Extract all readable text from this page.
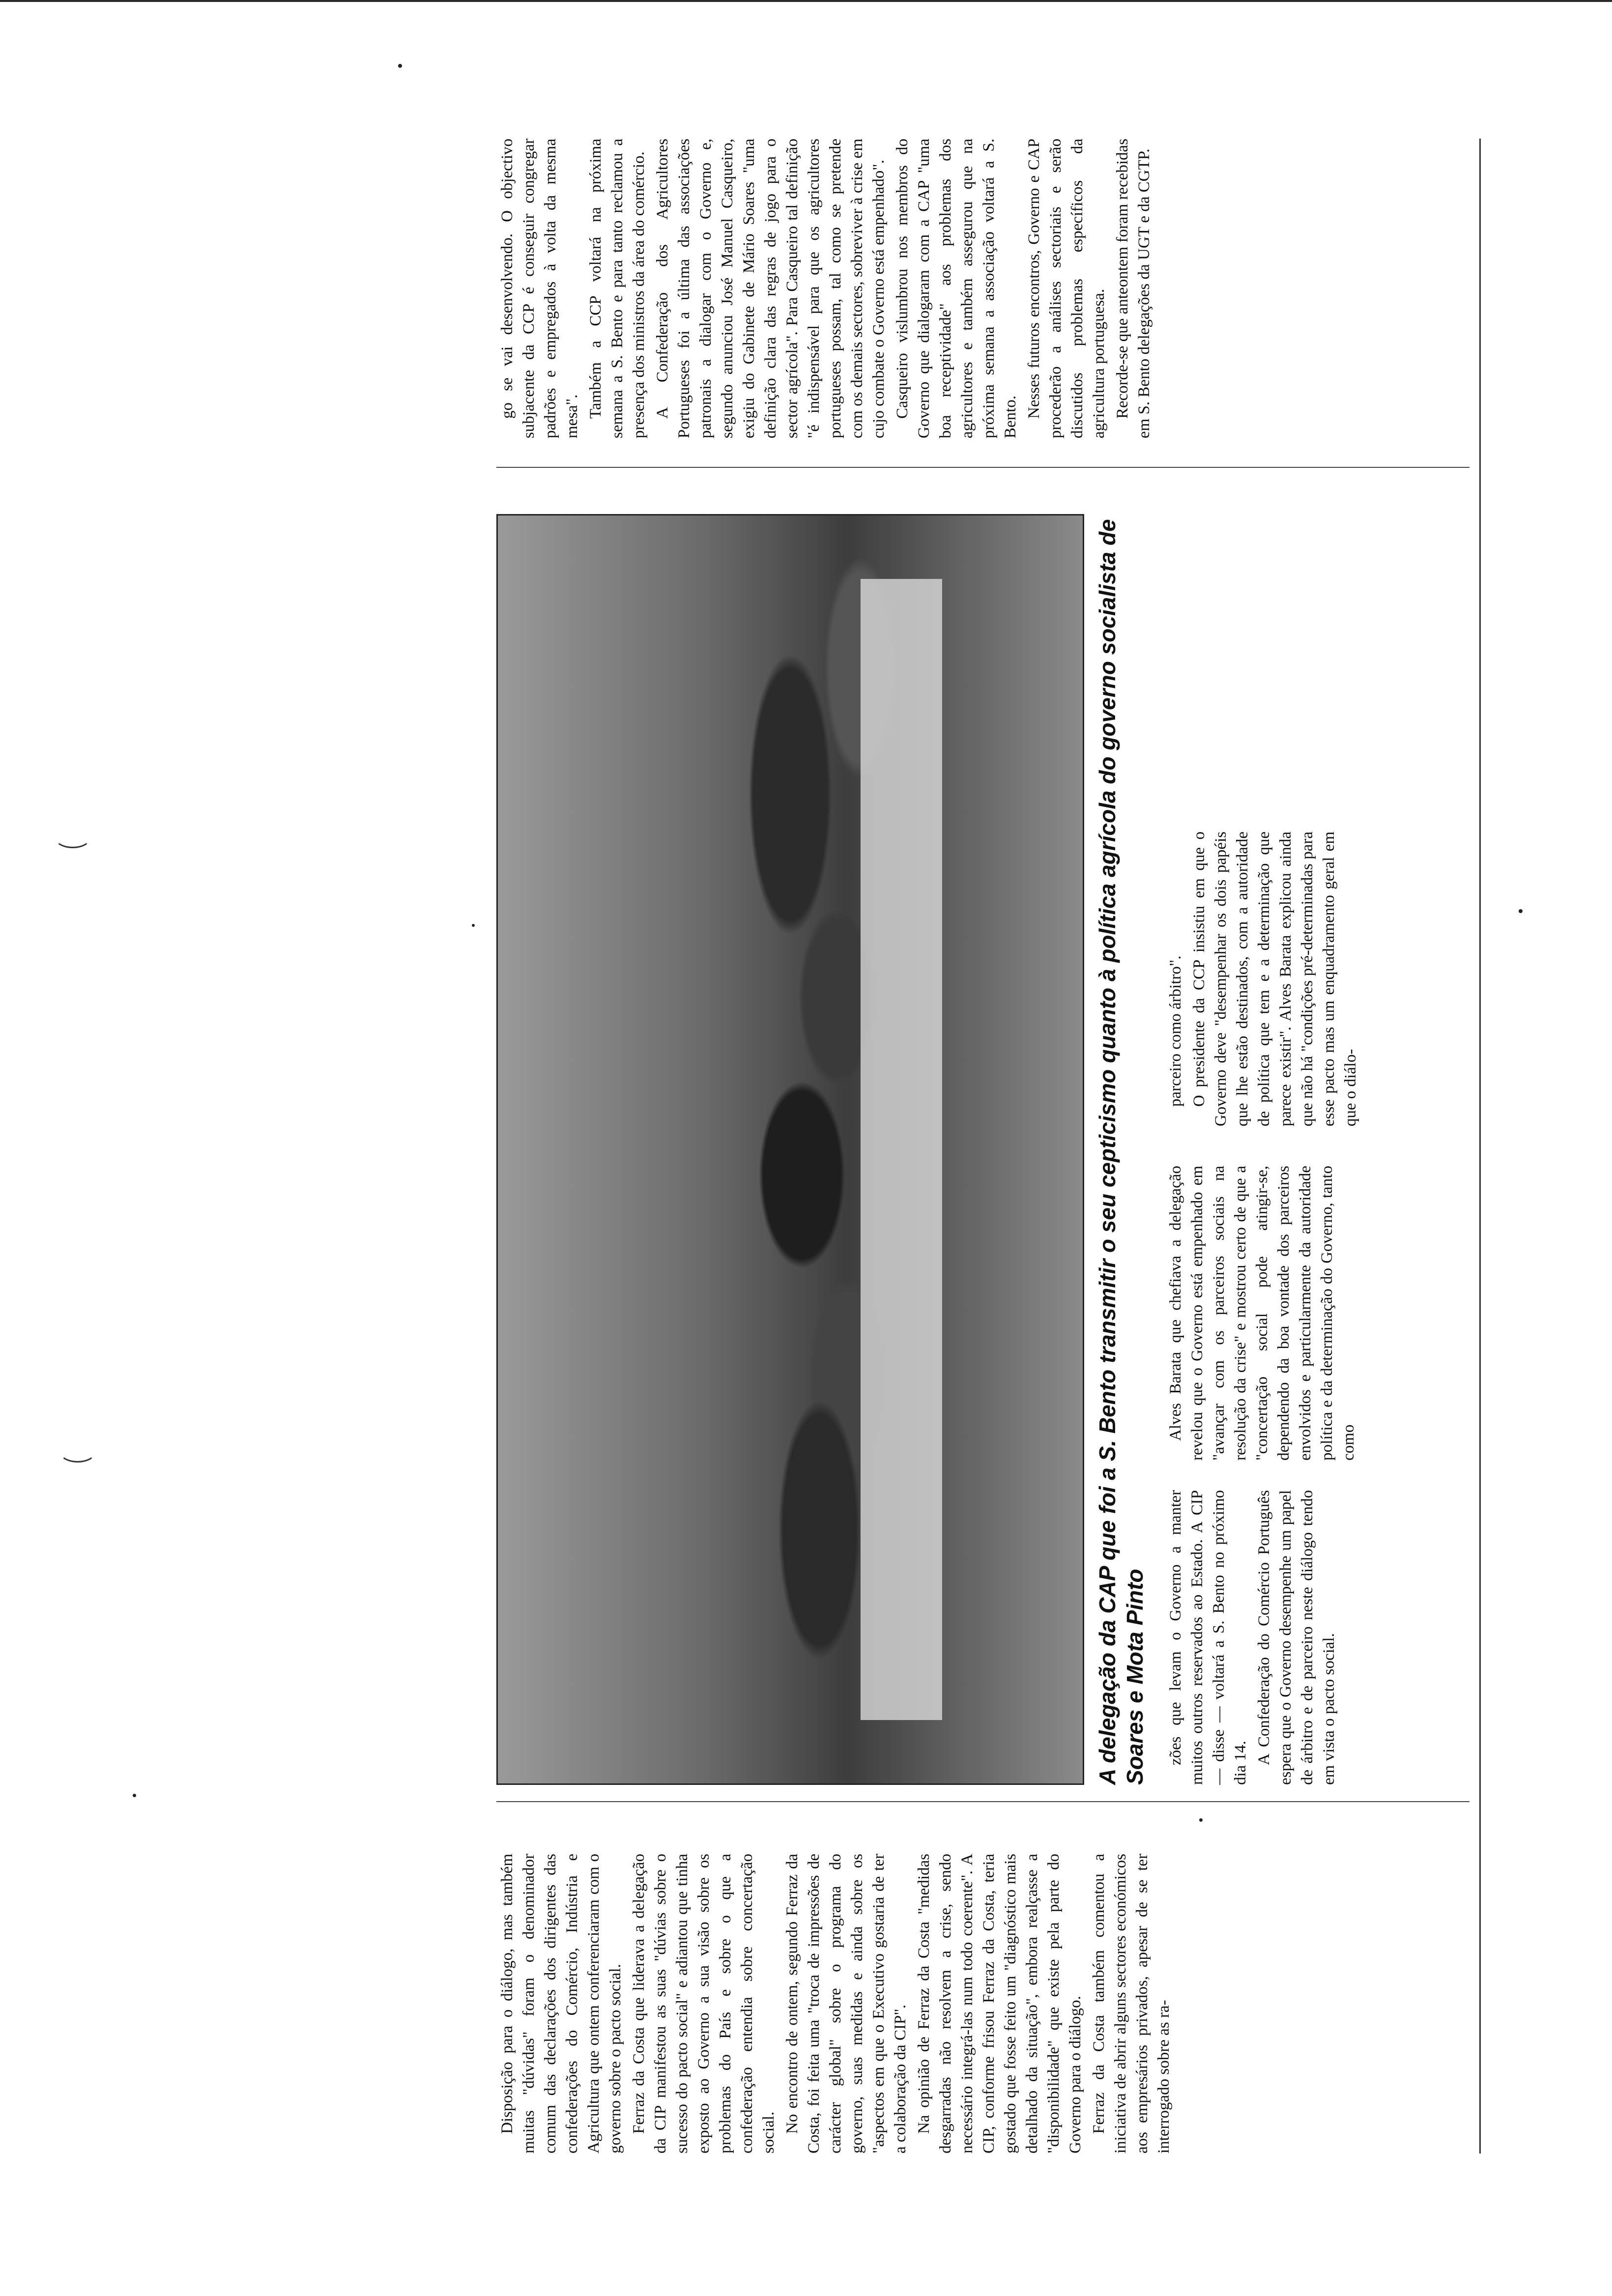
Disposição para o diálogo, mas também muitas "dúvidas" foram o denominador comum das declarações dos dirigentes das confederações do Comércio, Indústria e Agricultura que ontem conferenciaram com o governo sobre o pacto social. Ferraz da Costa que liderava a delegação da CIP manifestou as suas "dúvias sobre o sucesso do pacto social" e adiantou que tinha exposto ao Governo a sua visão sobre os problemas do País e sobre o que a confederação entendia sobre concertação social. No encontro de ontem, segundo Ferraz da Costa, foi feita uma "troca de impressões de carácter global" sobre o programa do governo, suas medidas e ainda sobre os "aspectos em que o Executivo gostaria de ter a colaboração da CIP". Na opinião de Ferraz da Costa "medidas desgarradas não resolvem a crise, sendo necessário integrá-las num todo coerente". A CIP, conforme frisou Ferraz da Costa, teria gostado que fosse feito um "diagnóstico mais detalhado da situação", embora realçasse a "disponibilidade" que existe pela parte do Governo para o diálogo. Ferraz da Costa também comentou a iniciativa de abrir alguns sectores económicos aos empresários privados, apesar de se ter interrogado sobre as ra-

A delegação da CAP que foi a S. Bento transmitir o seu cepticismo quanto à política agrícola do governo socialista de Soares e Mota Pinto zões que levam o Governo a manter muitos outros reservados ao Estado. A CIP — disse — voltará a S. Bento no próximo dia 14. A Confederação do Comércio Português espera que o Governo desempenhe um papel de árbitro e de parceiro neste diálogo tendo em vista o pacto social.

Alves Barata que chefiava a delegação revelou que o Governo está empenhado em "avançar com os parceiros sociais na resolução da crise" e mostrou certo de que a "concertação social pode atingir-se, dependendo da boa vontade dos parceiros envolvidos e particularmente da autoridade política e da determinação do Governo, tanto como

parceiro como árbitro". O presidente da CCP insistiu em que o Governo deve "desempenhar os dois papéis que lhe estão destinados, com a autoridade de política que tem e a determinação que parece existir". Alves Barata explicou ainda que não há "condições pré-determinadas para esse pacto mas um enquadramento geral em que o diálo-

go se vai desenvolvendo. O objectivo subjacente da CCP é conseguir congregar padrões e empregados à volta da mesma mesa". Também a CCP voltará na próxima semana a S. Bento e para tanto reclamou a presença dos ministros da área do comércio. A Confederação dos Agricultores Portugueses foi a última das associações patronais a dialogar com o Governo e, segundo anunciou José Manuel Casqueiro, exigiu do Gabinete de Mário Soares "uma definição clara das regras de jogo para o sector agrícola". Para Casqueiro tal definição "é indispensável para que os agricultores portugueses possam, tal como se pretende com os demais sectores, sobreviver à crise em cujo combate o Governo está empenhado". Casqueiro vislumbrou nos membros do Governo que dialogaram com a CAP "uma boa receptividade" aos problemas dos agricultores e também assegurou que na próxima semana a associação voltará a S. Bento. Nesses futuros encontros, Governo e CAP procederão a análises sectoriais e serão discutidos problemas específicos da agricultura portuguesa. Recorde-se que anteontem foram recebidas em S. Bento delegações da UGT e da CGTP.
